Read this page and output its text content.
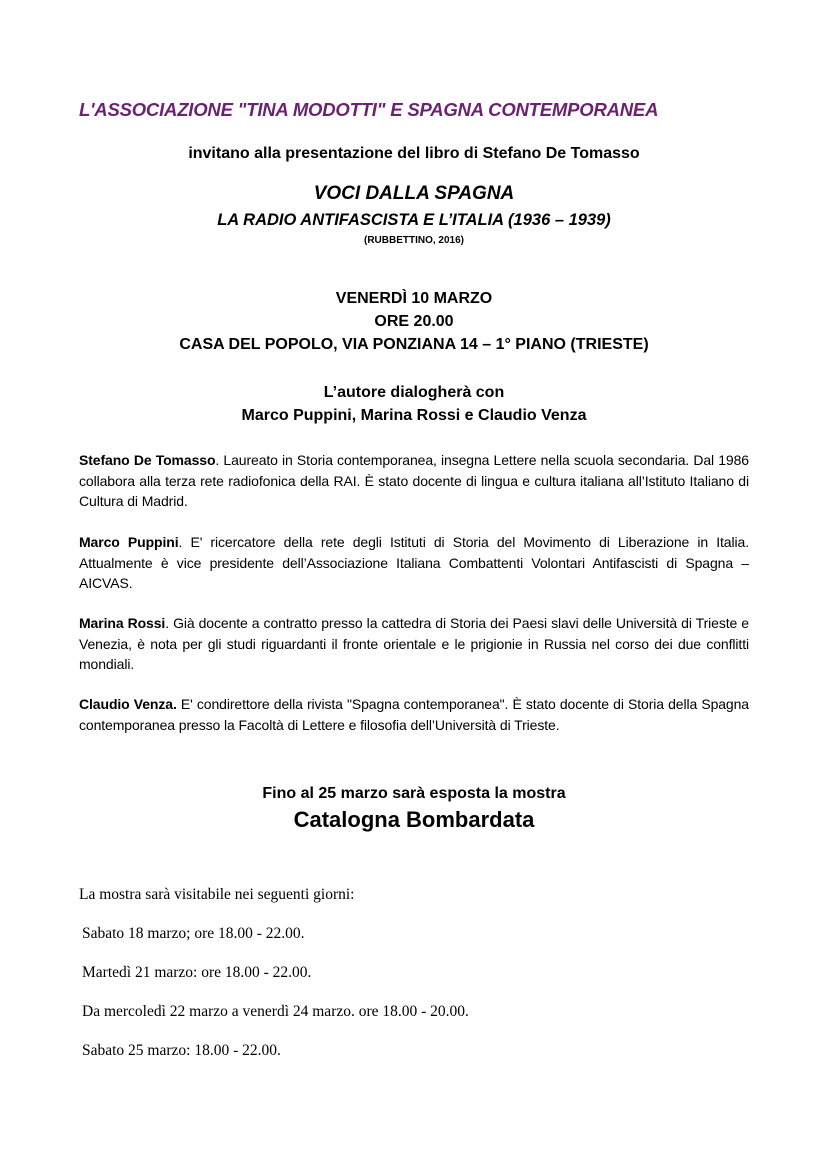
L'ASSOCIAZIONE "TINA MODOTTI" E SPAGNA CONTEMPORANEA
invitano alla presentazione del libro di Stefano De Tomasso
VOCI DALLA SPAGNA
LA RADIO ANTIFASCISTA E L’ITALIA (1936 – 1939)
(RUBBETTINO, 2016)
VENERDÌ 10 MARZO
ORE 20.00
CASA DEL POPOLO, VIA PONZIANA 14 – 1° PIANO (TRIESTE)
L’autore dialogherà con
Marco Puppini, Marina Rossi e Claudio Venza
Stefano De Tomasso. Laureato in Storia contemporanea, insegna Lettere nella scuola secondaria. Dal 1986 collabora alla terza rete radiofonica della RAI. È stato docente di lingua e cultura italiana all’Istituto Italiano di Cultura di Madrid.
Marco Puppini. E' ricercatore della rete degli Istituti di Storia del Movimento di Liberazione in Italia. Attualmente è vice presidente dell’Associazione Italiana Combattenti Volontari Antifascisti di Spagna – AICVAS.
Marina Rossi. Già docente a contratto presso la cattedra di Storia dei Paesi slavi delle Università di Trieste e Venezia, è nota per gli studi riguardanti il fronte orientale e le prigionie in Russia nel corso dei due conflitti mondiali.
Claudio Venza. E' condirettore della rivista "Spagna contemporanea". È stato docente di Storia della Spagna contemporanea presso la Facoltà di Lettere e filosofia dell’Università di Trieste.
Fino al 25 marzo sarà esposta la mostra
Catalogna Bombardata
La mostra sarà visitabile nei seguenti giorni:
Sabato 18 marzo; ore 18.00 - 22.00.
Martedì 21 marzo: ore 18.00 - 22.00.
Da mercoledì 22 marzo a venerdì 24 marzo. ore 18.00 - 20.00.
Sabato 25 marzo: 18.00 - 22.00.
